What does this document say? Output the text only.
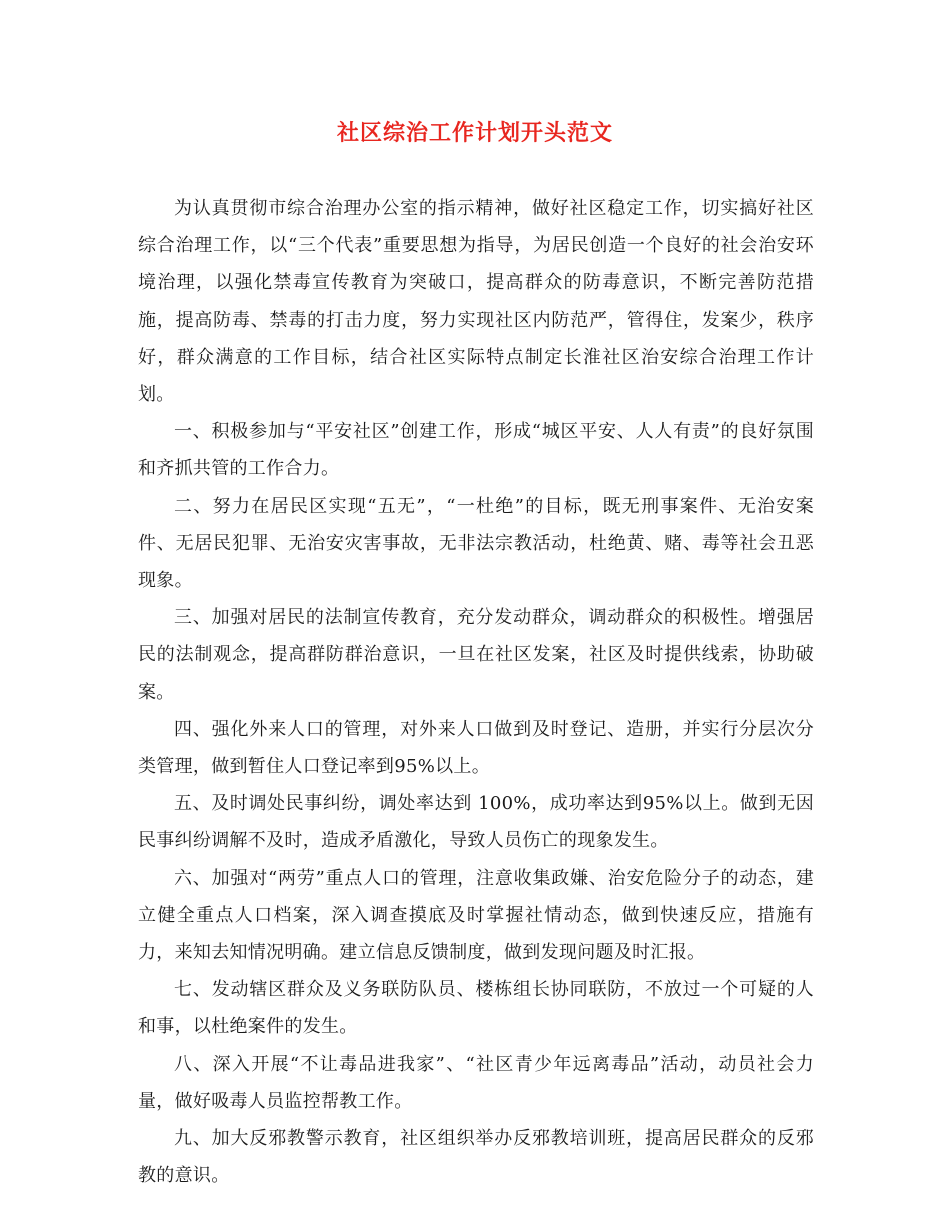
社区综治工作计划开头范文

为认真贯彻市综合治理办公室的指示精神，做好社区稳定工作，切实搞好社区综合治理工作，以“三个代表”重要思想为指导，为居民创造一个良好的社会治安环境治理，以强化禁毒宣传教育为突破口，提高群众的防毒意识，不断完善防范措施，提高防毒、禁毒的打击力度，努力实现社区内防范严，管得住，发案少，秩序好，群众满意的工作目标，结合社区实际特点制定长淮社区治安综合治理工作计划。

一、积极参加与“平安社区”创建工作，形成“城区平安、人人有责”的良好氛围和齐抓共管的工作合力。

二、努力在居民区实现“五无”，“一杜绝”的目标，既无刑事案件、无治安案件、无居民犯罪、无治安灾害事故，无非法宗教活动，杜绝黄、赌、毒等社会丑恶现象。

三、加强对居民的法制宣传教育，充分发动群众，调动群众的积极性。增强居民的法制观念，提高群防群治意识，一旦在社区发案，社区及时提供线索，协助破案。

四、强化外来人口的管理，对外来人口做到及时登记、造册，并实行分层次分类管理，做到暂住人口登记率到95%以上。

五、及时调处民事纠纷，调处率达到 100%，成功率达到95%以上。做到无因民事纠纷调解不及时，造成矛盾激化，导致人员伤亡的现象发生。

六、加强对“两劳”重点人口的管理，注意收集政嫌、治安危险分子的动态，建立健全重点人口档案，深入调查摸底及时掌握社情动态，做到快速反应，措施有力，来知去知情况明确。建立信息反馈制度，做到发现问题及时汇报。

七、发动辖区群众及义务联防队员、楼栋组长协同联防，不放过一个可疑的人和事，以杜绝案件的发生。

八、深入开展“不让毒品进我家”、“社区青少年远离毒品”活动，动员社会力量，做好吸毒人员监控帮教工作。

九、加大反邪教警示教育，社区组织举办反邪教培训班，提高居民群众的反邪教的意识。
